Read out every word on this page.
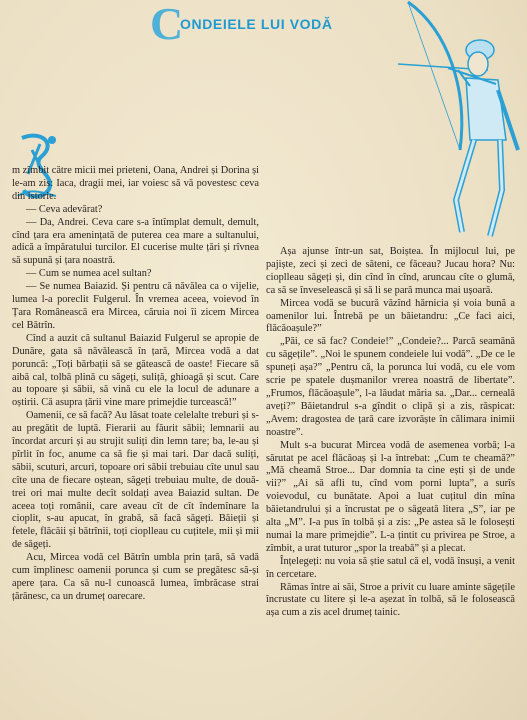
C
ONDEIELE LUI VODĂ

m zîmbit către micii mei prieteni, Oana, Andrei și Dorina și le-am zis: Iaca, dragii mei, iar voiesc să vă povestesc ceva din istorie.

— Ceva adevărat?

— Da, Andrei. Ceva care s-a întîmplat demult, demult, cînd țara era amenințată de puterea cea mare a sultanului, adică a împăratului turcilor. El cucerise multe țări și rîvnea să supună și țara noastră.

— Cum se numea acel sultan?

— Se numea Baiazid. Și pentru că năvălea ca o vijelie, lumea l-a poreclit Fulgerul. În vremea aceea, voievod în Țara Românească era Mircea, căruia noi îi zicem Mircea cel Bătrîn.

Cînd a auzit că sultanul Baiazid Fulgerul se apropie de Dunăre, gata să năvălească în țară, Mircea vodă a dat poruncă: „Toți bărbații să se gătească de oaste! Fiecare să aibă cal, tolbă plină cu săgeți, suliță, ghioagă și scut. Care au topoare și săbii, să vină cu ele la locul de adunare a oștirii. Că asupra țării vine mare primejdie turcească!”

Oamenii, ce să facă? Au lăsat toate celelalte treburi și s-au pregătit de luptă. Fierarii au făurit săbii; lemnarii au încordat arcuri și au strujit suliți din lemn tare; ba, le-au și pîrlit în foc, anume ca să fie și mai tari. Dar dacă suliți, săbii, scuturi, arcuri, topoare ori săbii trebuiau cîte unul sau cîte una de fiecare oștean, săgeți trebuiau multe, de două-trei ori mai multe decît soldați avea Baiazid sultan. De aceea toți românii, care aveau cît de cît îndemînare la cioplit, s-au apucat, în grabă, să facă săgeți. Băieții și fetele, flăcăii și bătrînii, toți cioplleau cu cuțitele, mii și mii de săgeți.

Acu, Mircea vodă cel Bătrîn umbla prin țară, să vadă cum împlinesc oamenii porunca și cum se pregătesc să-și apere țara. Ca să nu-l cunoască lumea, îmbrăcase strai țărănesc, ca un drumeț oarecare.

Așa ajunse într-un sat, Boiștea. În mijlocul lui, pe pajiște, zeci și zeci de săteni, ce făceau? Jucau hora? Nu: cioplleau săgeți și, din cînd în cînd, aruncau cîte o glumă, ca să se înveselească și să li se pară munca mai ușoară.

Mircea vodă se bucură văzînd hărnicia și voia bună a oamenilor lui. Întrebă pe un băietandru: „Ce faci aici, flăcăoașule?”

„Păi, ce să fac? Condeie!” „Condeie?... Parcă seamănă cu săgețile”. „Noi le spunem condeiele lui vodă”. „De ce le spuneți așa?” „Pentru că, la porunca lui vodă, cu ele vom scrie pe spatele dușmanilor vrerea noastră de libertate”. „Frumos, flăcăoașule”, l-a lăudat măria sa. „Dar... cerneală aveți?” Băietandrul s-a gîndit o clipă și a zis, răspicat: „Avem: dragostea de țară care izvorăște în călimara inimii noastre”.

Mult s-a bucurat Mircea vodă de asemenea vorbă; l-a sărutat pe acel flăcăoaș și l-a întrebat: „Cum te cheamă?” „Mă cheamă Stroe... Dar domnia ta cine ești și de unde vii?” „Ai să afli tu, cînd vom porni lupta”, a surîs voievodul, cu bunătate. Apoi a luat cuțitul din mîna băietandrului și a încrustat pe o săgeată litera „S”, iar pe alta „M”. I-a pus în tolbă și a zis: „Pe astea să le folosești numai la mare primejdie”. L-a țintit cu privirea pe Stroe, a zîmbit, a urat tuturor „spor la treabă” și a plecat.

Înțelegeți: nu voia să știe satul că el, vodă însuși, a venit în cercetare.

Rămas între ai săi, Stroe a privit cu luare aminte săgețile încrustate cu litere și le-a așezat în tolbă, să le folosească așa cum a zis acel drumeț tainic.
